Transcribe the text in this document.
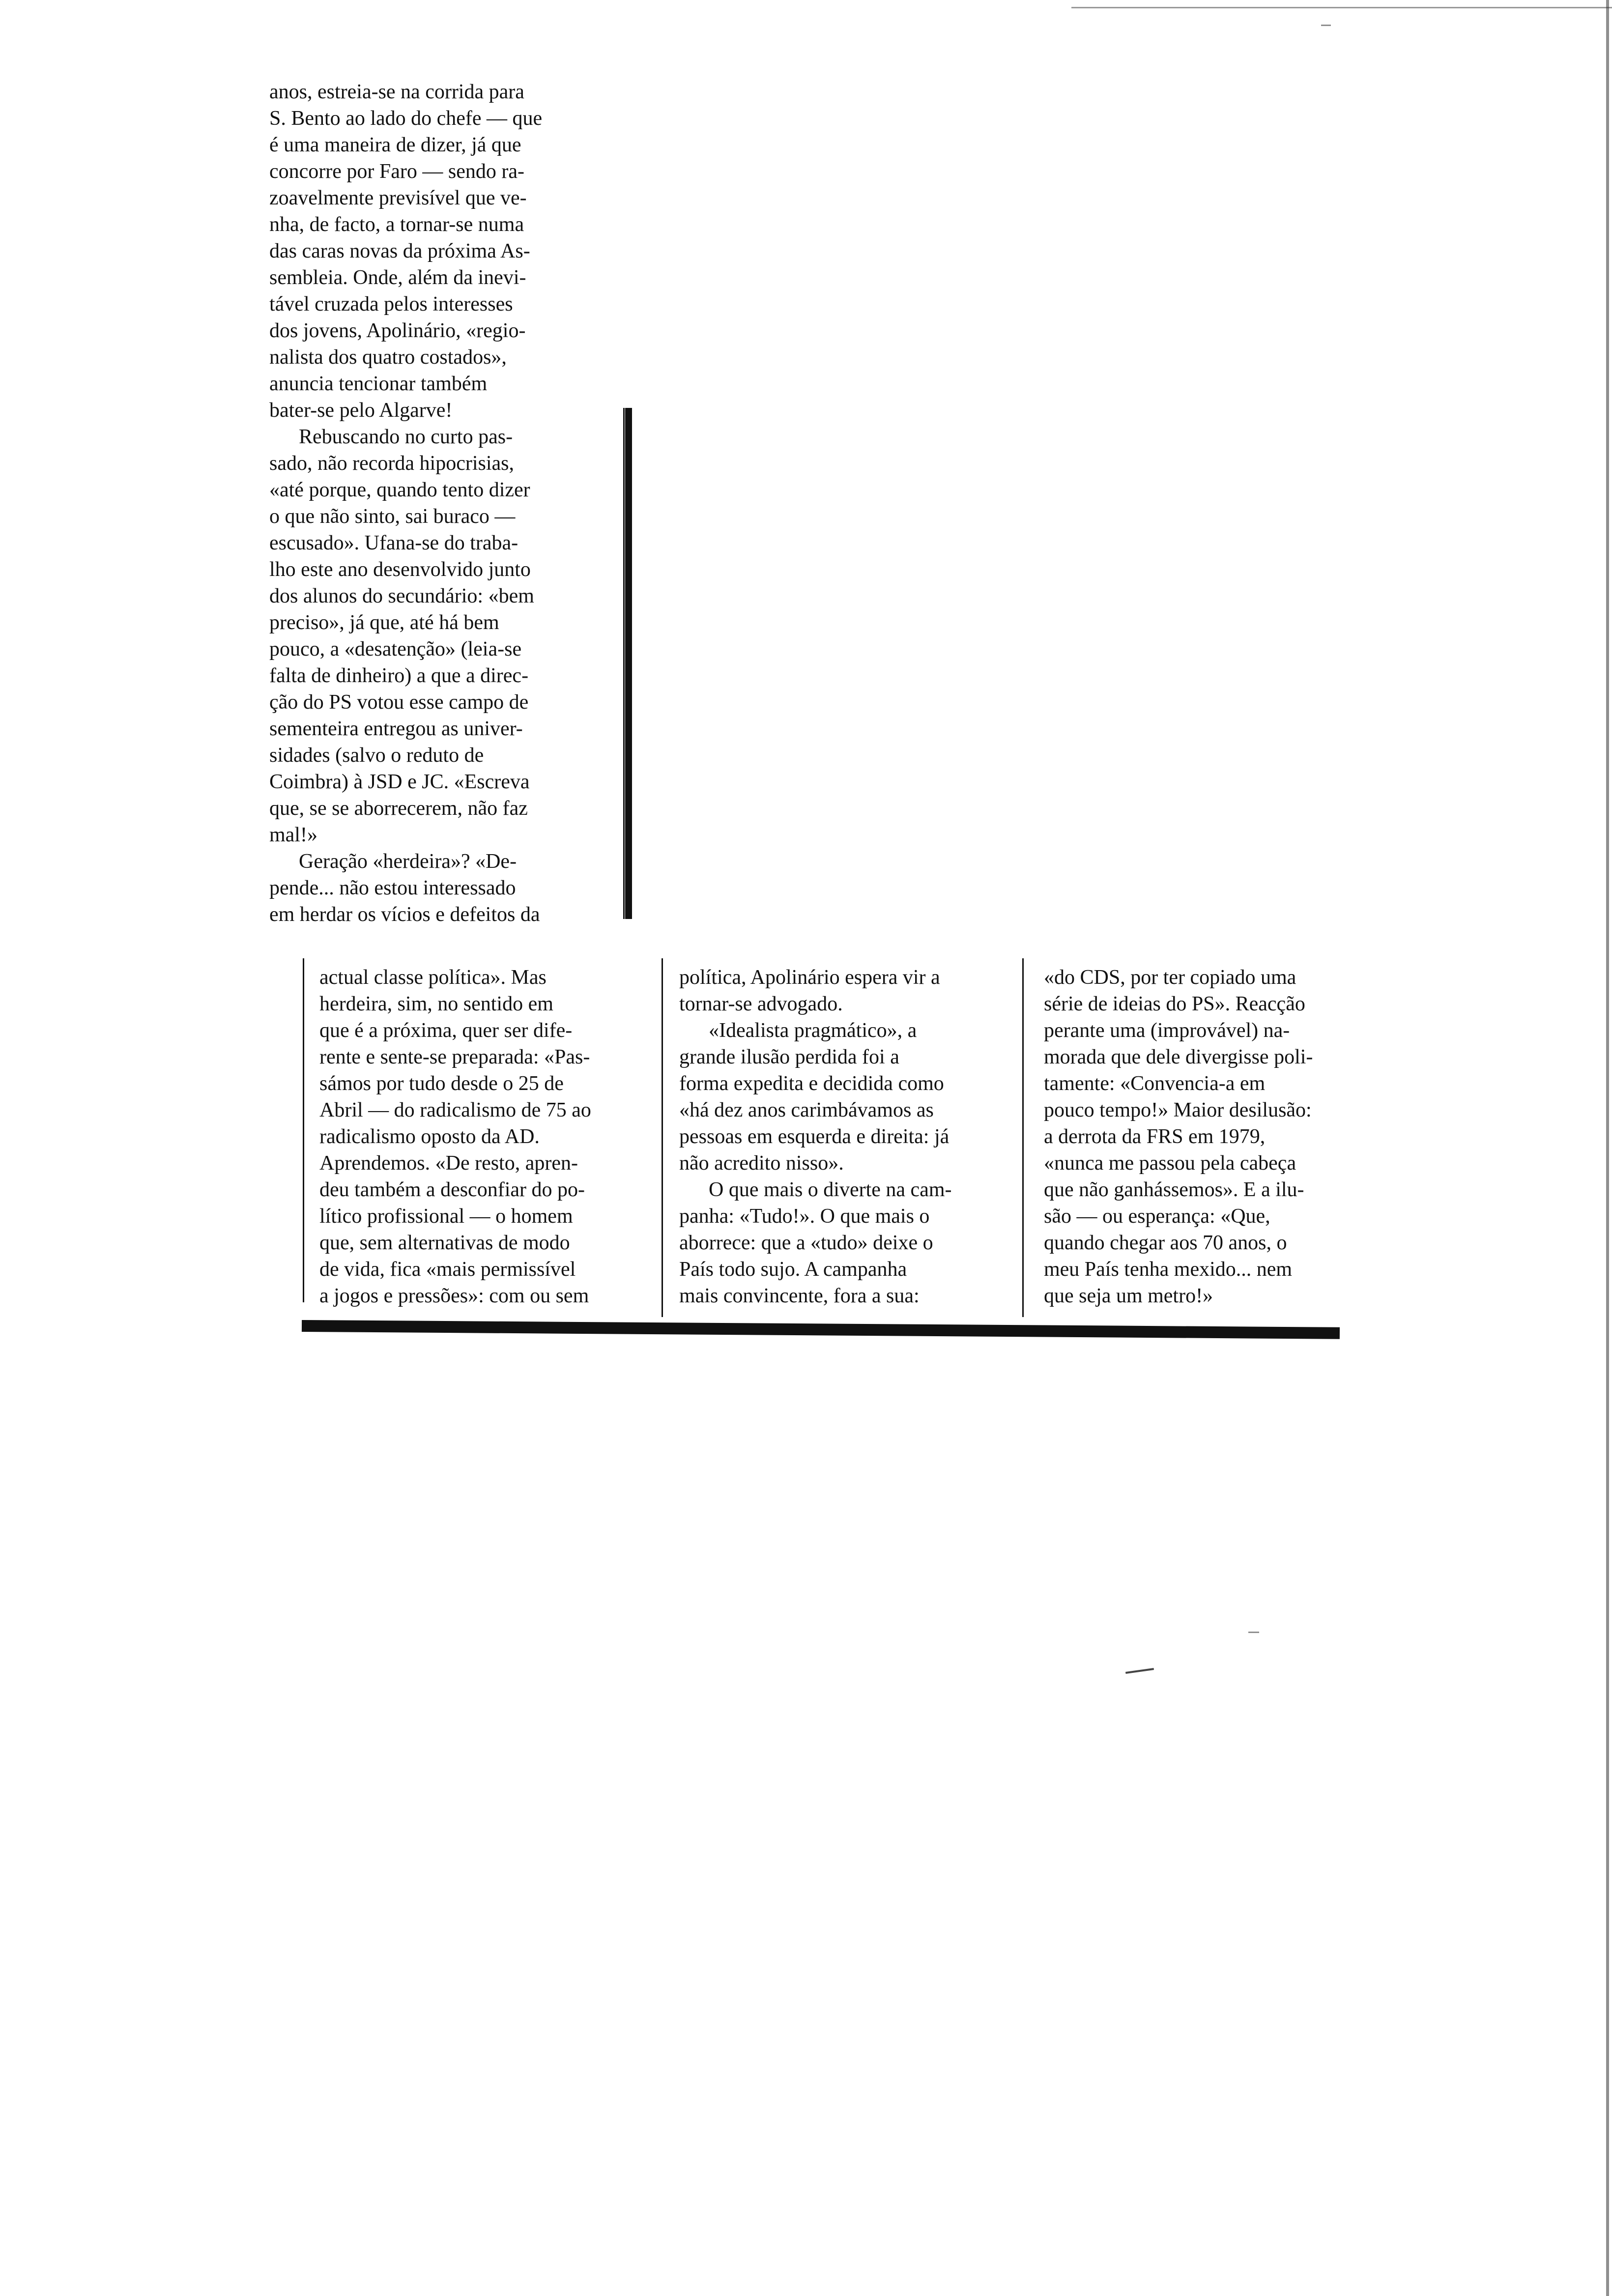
anos, estreia-se na corrida para
S. Bento ao lado do chefe — que
é uma maneira de dizer, já que
concorre por Faro — sendo ra-
zoavelmente previsível que ve-
nha, de facto, a tornar-se numa
das caras novas da próxima As-
sembleia. Onde, além da inevi-
tável cruzada pelos interesses
dos jovens, Apolinário, «regio-
nalista dos quatro costados»,
anuncia tencionar também
bater-se pelo Algarve!

Rebuscando no curto pas-
sado, não recorda hipocrisias,
«até porque, quando tento dizer
o que não sinto, sai buraco —
escusado». Ufana-se do traba-
lho este ano desenvolvido junto
dos alunos do secundário: «bem
preciso», já que, até há bem
pouco, a «desatenção» (leia-se
falta de dinheiro) a que a direc-
ção do PS votou esse campo de
sementeira entregou as univer-
sidades (salvo o reduto de
Coimbra) à JSD e JC. «Escreva
que, se se aborrecerem, não faz
mal!»

Geração «herdeira»? «De-
pende... não estou interessado
em herdar os vícios e defeitos da

actual classe política». Mas
herdeira, sim, no sentido em
que é a próxima, quer ser dife-
rente e sente-se preparada: «Pas-
sámos por tudo desde o 25 de
Abril — do radicalismo de 75 ao
radicalismo oposto da AD.
Aprendemos. «De resto, apren-
deu também a desconfiar do po-
lítico profissional — o homem
que, sem alternativas de modo
de vida, fica «mais permissível
a jogos e pressões»: com ou sem

política, Apolinário espera vir a
tornar-se advogado.

«Idealista pragmático», a
grande ilusão perdida foi a
forma expedita e decidida como
«há dez anos carimbávamos as
pessoas em esquerda e direita: já
não acredito nisso».

O que mais o diverte na cam-
panha: «Tudo!». O que mais o
aborrece: que a «tudo» deixe o
País todo sujo. A campanha
mais convincente, fora a sua:

«do CDS, por ter copiado uma
série de ideias do PS». Reacção
perante uma (improvável) na-
morada que dele divergisse poli-
tamente: «Convencia-a em
pouco tempo!» Maior desilusão:
a derrota da FRS em 1979,
«nunca me passou pela cabeça
que não ganhássemos». E a ilu-
são — ou esperança: «Que,
quando chegar aos 70 anos, o
meu País tenha mexido... nem
que seja um metro!»
